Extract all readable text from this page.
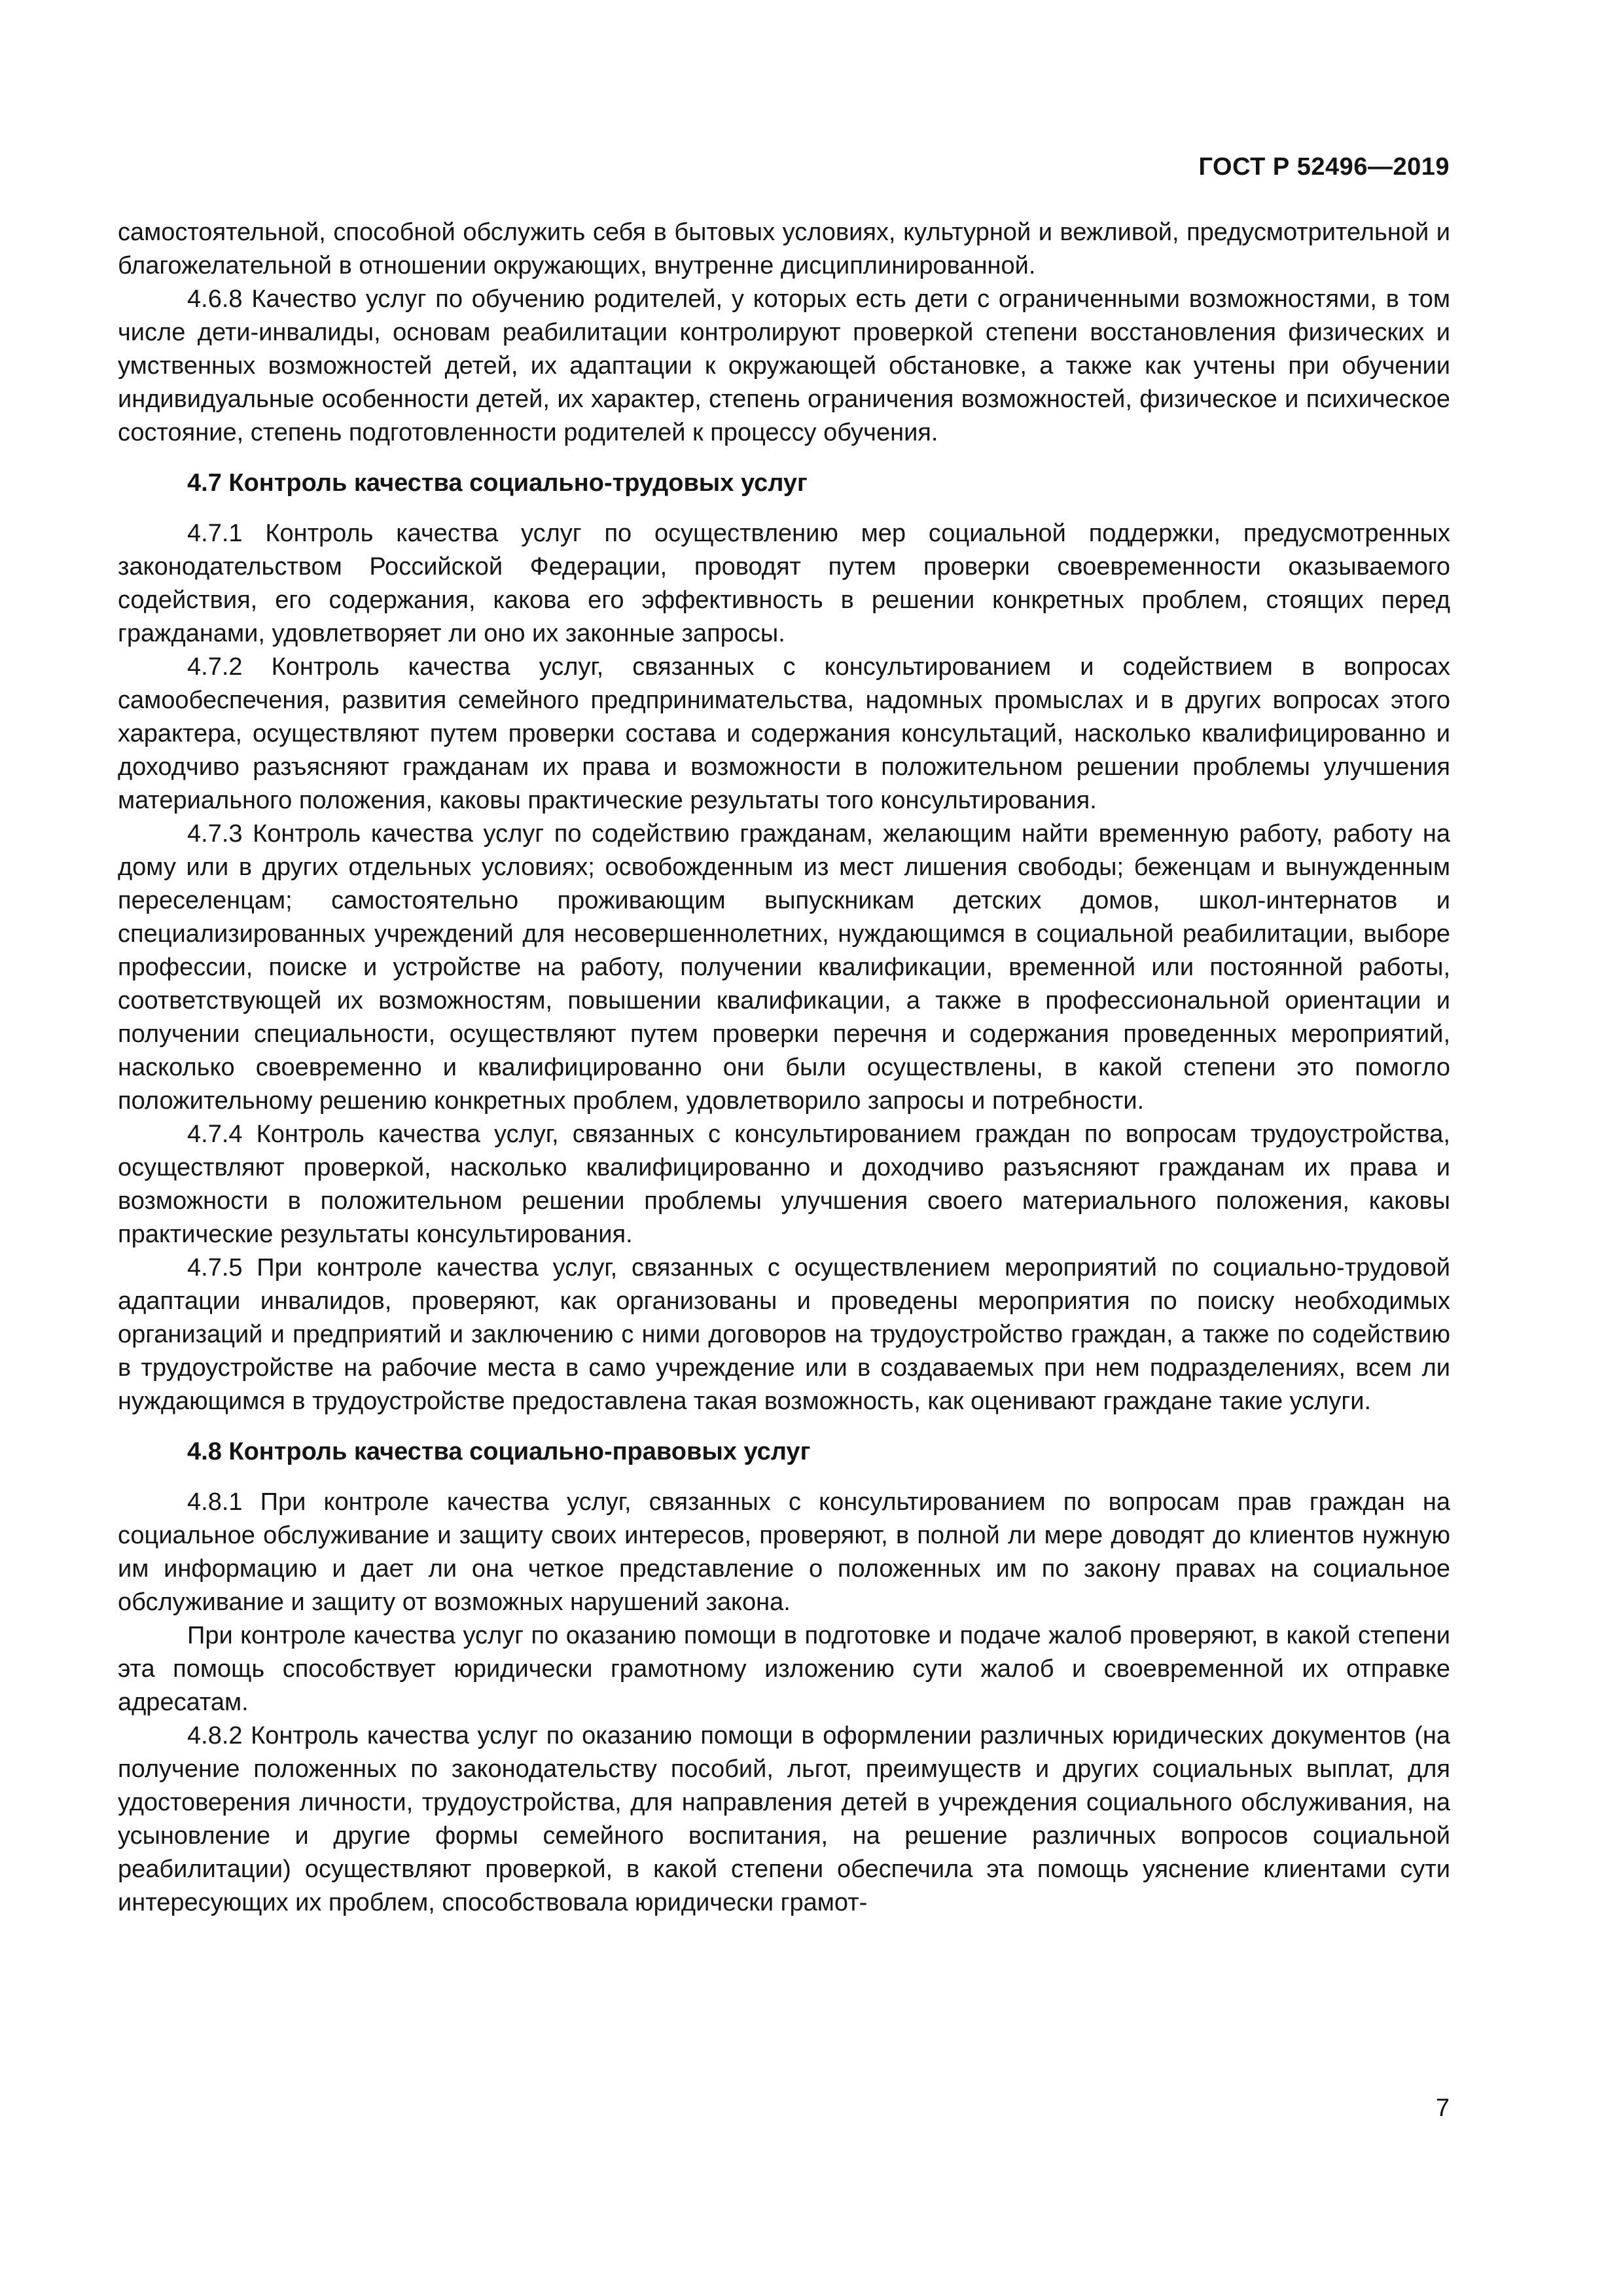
ГОСТ Р 52496—2019

самостоятельной, способной обслужить себя в бытовых условиях, культурной и вежливой, предусмотрительной и благожелательной в отношении окружающих, внутренне дисциплинированной.

4.6.8 Качество услуг по обучению родителей, у которых есть дети с ограниченными возможностями, в том числе дети-инвалиды, основам реабилитации контролируют проверкой степени восстановления физических и умственных возможностей детей, их адаптации к окружающей обстановке, а также как учтены при обучении индивидуальные особенности детей, их характер, степень ограничения возможностей, физическое и психическое состояние, степень подготовленности родителей к процессу обучения.

4.7 Контроль качества социально-трудовых услуг

4.7.1 Контроль качества услуг по осуществлению мер социальной поддержки, предусмотренных законодательством Российской Федерации, проводят путем проверки своевременности оказываемого содействия, его содержания, какова его эффективность в решении конкретных проблем, стоящих перед гражданами, удовлетворяет ли оно их законные запросы.

4.7.2 Контроль качества услуг, связанных с консультированием и содействием в вопросах самообеспечения, развития семейного предпринимательства, надомных промыслах и в других вопросах этого характера, осуществляют путем проверки состава и содержания консультаций, насколько квалифицированно и доходчиво разъясняют гражданам их права и возможности в положительном решении проблемы улучшения материального положения, каковы практические результаты того консультирования.

4.7.3 Контроль качества услуг по содействию гражданам, желающим найти временную работу, работу на дому или в других отдельных условиях; освобожденным из мест лишения свободы; беженцам и вынужденным переселенцам; самостоятельно проживающим выпускникам детских домов, школ-интернатов и специализированных учреждений для несовершеннолетних, нуждающимся в социальной реабилитации, выборе профессии, поиске и устройстве на работу, получении квалификации, временной или постоянной работы, соответствующей их возможностям, повышении квалификации, а также в профессиональной ориентации и получении специальности, осуществляют путем проверки перечня и содержания проведенных мероприятий, насколько своевременно и квалифицированно они были осуществлены, в какой степени это помогло положительному решению конкретных проблем, удовлетворило запросы и потребности.

4.7.4 Контроль качества услуг, связанных с консультированием граждан по вопросам трудоустройства, осуществляют проверкой, насколько квалифицированно и доходчиво разъясняют гражданам их права и возможности в положительном решении проблемы улучшения своего материального положения, каковы практические результаты консультирования.

4.7.5 При контроле качества услуг, связанных с осуществлением мероприятий по социально-трудовой адаптации инвалидов, проверяют, как организованы и проведены мероприятия по поиску необходимых организаций и предприятий и заключению с ними договоров на трудоустройство граждан, а также по содействию в трудоустройстве на рабочие места в само учреждение или в создаваемых при нем подразделениях, всем ли нуждающимся в трудоустройстве предоставлена такая возможность, как оценивают граждане такие услуги.

4.8 Контроль качества социально-правовых услуг

4.8.1 При контроле качества услуг, связанных с консультированием по вопросам прав граждан на социальное обслуживание и защиту своих интересов, проверяют, в полной ли мере доводят до клиентов нужную им информацию и дает ли она четкое представление о положенных им по закону правах на социальное обслуживание и защиту от возможных нарушений закона.

При контроле качества услуг по оказанию помощи в подготовке и подаче жалоб проверяют, в какой степени эта помощь способствует юридически грамотному изложению сути жалоб и своевременной их отправке адресатам.

4.8.2 Контроль качества услуг по оказанию помощи в оформлении различных юридических документов (на получение положенных по законодательству пособий, льгот, преимуществ и других социальных выплат, для удостоверения личности, трудоустройства, для направления детей в учреждения социального обслуживания, на усыновление и другие формы семейного воспитания, на решение различных вопросов социальной реабилитации) осуществляют проверкой, в какой степени обеспечила эта помощь уяснение клиентами сути интересующих их проблем, способствовала юридически грамот-

7
